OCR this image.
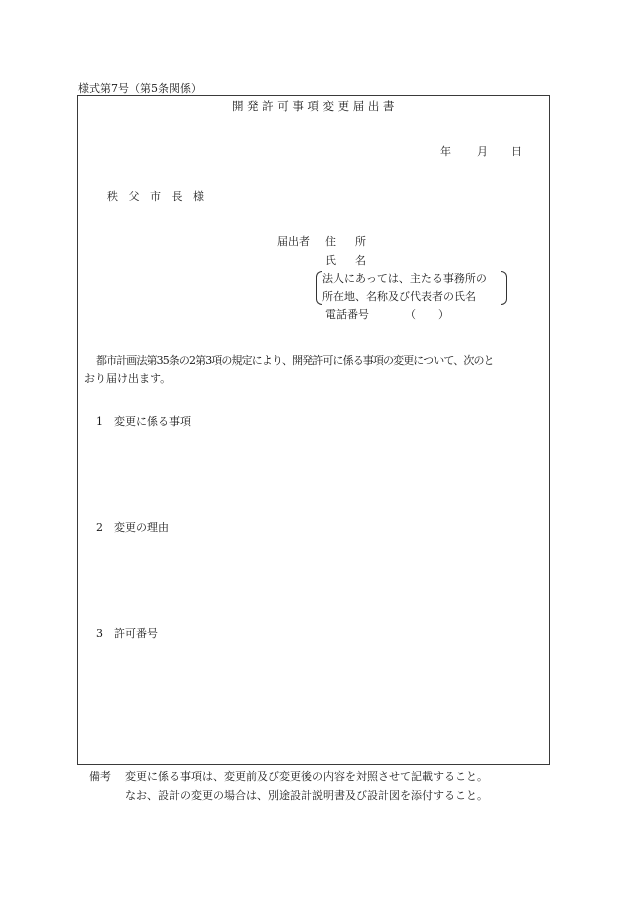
様式第7号（第5条関係）
開発許可事項変更届出書
年 月 日
秩父市長様
届出者 住所
氏名
法人にあっては、主たる事務所の
所在地、名称及び代表者の氏名
電話番号	（　　）
都市計画法第35条の2第3項の規定により、開発許可に係る事項の変更について、次のと
おり届け出ます。
1 変更に係る事項
2 変更の理由
3 許可番号
備考 変更に係る事項は、変更前及び変更後の内容を対照させて記載すること。
なお、設計の変更の場合は、別途設計説明書及び設計図を添付すること。
